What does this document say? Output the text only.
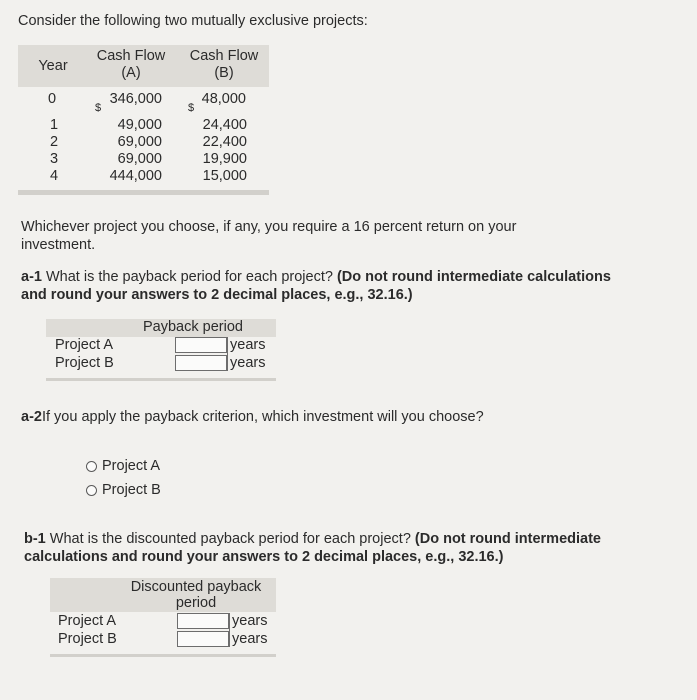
Consider the following two mutually exclusive projects:
Year
Cash Flow
(A)
Cash Flow
(B)
0
$
346,000
$
48,000
1
2
3
4
49,000
69,000
69,000
444,000
24,400
22,400
19,900
15,000
Whichever project you choose, if any, you require a 16 percent return on your investment.
a-1 What is the payback period for each project? (Do not round intermediate calculations and round your answers to 2 decimal places, e.g., 32.16.)
Payback period
Project A
Project B
years
years
a-2If you apply the payback criterion, which investment will you choose?
Project A
Project B
b-1 What is the discounted payback period for each project? (Do not round intermediate calculations and round your answers to 2 decimal places, e.g., 32.16.)
Discounted payback
period
Project A
Project B
years
years
